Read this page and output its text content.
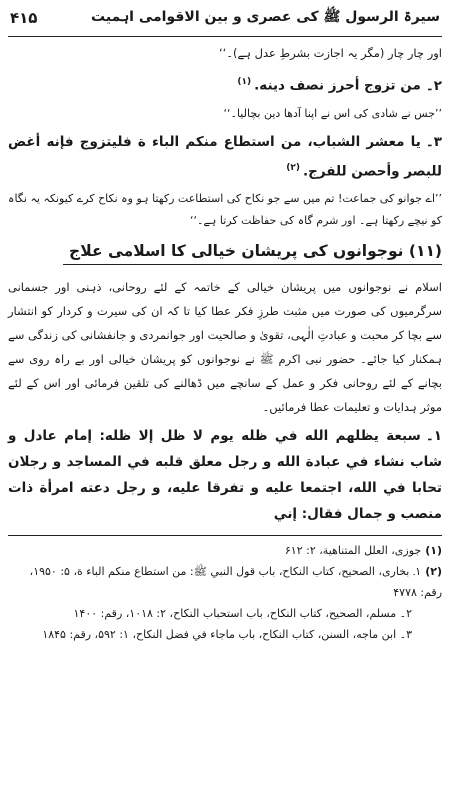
سیرۃ الرسول ﷺ کی عصری و بین الاقوامی اہمیت
۴۱۵
اور چار چار (مگر یہ اجازت بشرطِ عدل ہے)۔‘‘
۲۔من تزوج أحرز نصف دينه.$^{(۱)}$
’’جس نے شادی کی اس نے اپنا آدھا دین بچالیا۔‘‘
۳۔يا معشر الشباب، من استطاع منكم الباء ة فليتزوج فإنه أغض للبصر وأحصن للفرج.$^{(۲)}$
’’اے جوانو کی جماعت! تم میں سے جو نکاح کی استطاعت رکھتا ہو وہ نکاح کرے کیونکہ یہ نگاہ کو نیچے رکھتا ہے۔ اور شرم گاہ کی حفاظت کرتا ہے۔‘‘
(۱۱) نوجوانوں کی پریشان خیالی کا اسلامی علاج
اسلام نے نوجوانوں میں پریشان خیالی کے خاتمہ کے لئے روحانی، ذہنی اور جسمانی سرگرمیوں کی صورت میں مثبت طرزِ فکر عطا کیا تا کہ ان کی سیرت و کردار کو انتشار سے بچا کر محبت و عبادتِ الٰہی، تقویٰ و صالحیت اور جوانمردی و جانفشانی کی زندگی سے ہمکنار کیا جائے۔ حضور نبی اکرم ﷺ نے نوجوانوں کو پریشان خیالی اور بے راہ روی سے بچانے کے لئے روحانی فکر و عمل کے سانچے میں ڈھالنے کی تلقین فرمائی اور اس کے لئے موثر ہدایات و تعلیمات عطا فرمائیں۔
۱۔سبعة يظلهم الله في ظله يوم لا ظل إلا ظله: إمام عادل و شاب نشاء في عبادة الله و رجل معلق قلبه في المساجد و رجلان تحابا في الله، اجتمعا عليه و تفرقا عليه، و رجل دعته امرأة ذات منصب و جمال فقال: إني
(۱)جوزی، العلل المتناهية، ۲: ۶۱۲
(۲)۱۔ بخاری، الصحيح، كتاب النكاح، باب قول النبي ﷺ: من استطاع منكم الباء ة، ۵: ۱۹۵۰، رقم: ۴۷۷۸
۲۔ مسلم، الصحيح، كتاب النكاح، باب استحباب النكاح، ۲: ۱۰۱۸، رقم: ۱۴۰۰
۳۔ ابن ماجه، السنن، كتاب النكاح، باب ماجاء في فضل النكاح، ۱: ۵۹۲، رقم: ۱۸۴۵
